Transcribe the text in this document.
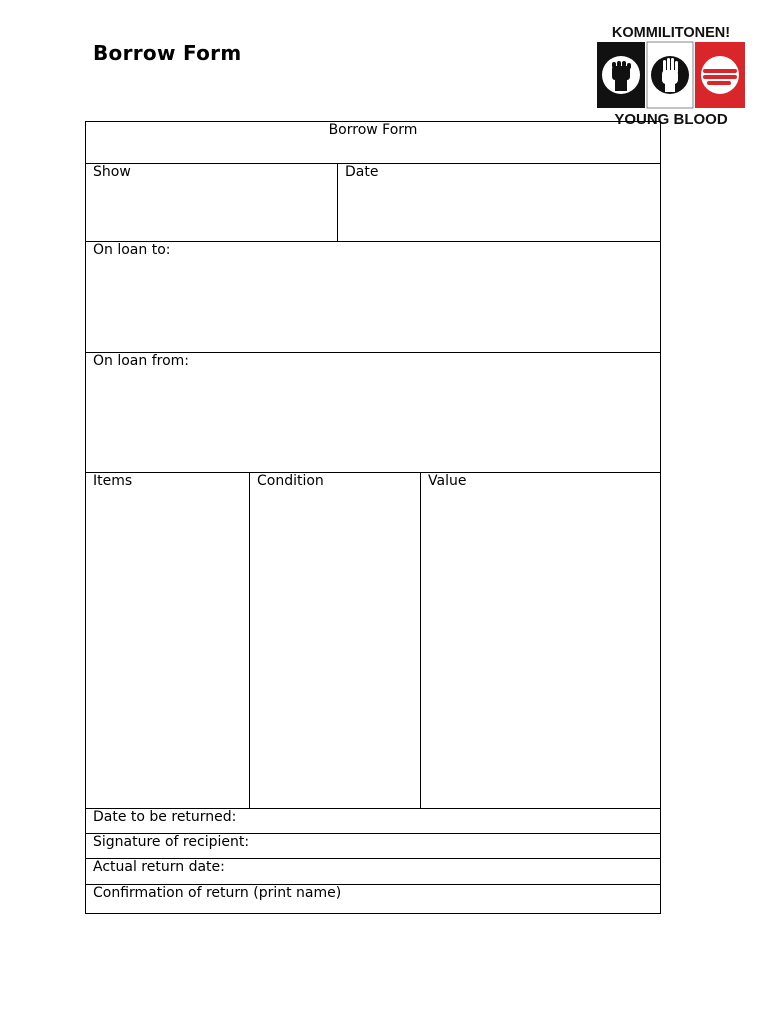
Borrow Form
KOMMILITONEN!
YOUNG BLOOD
Borrow Form
Show	Date
On loan to:
On loan from:
Items	Condition	Value
Date to be returned:
Signature of recipient:
Actual return date:
Confirmation of return (print name)
